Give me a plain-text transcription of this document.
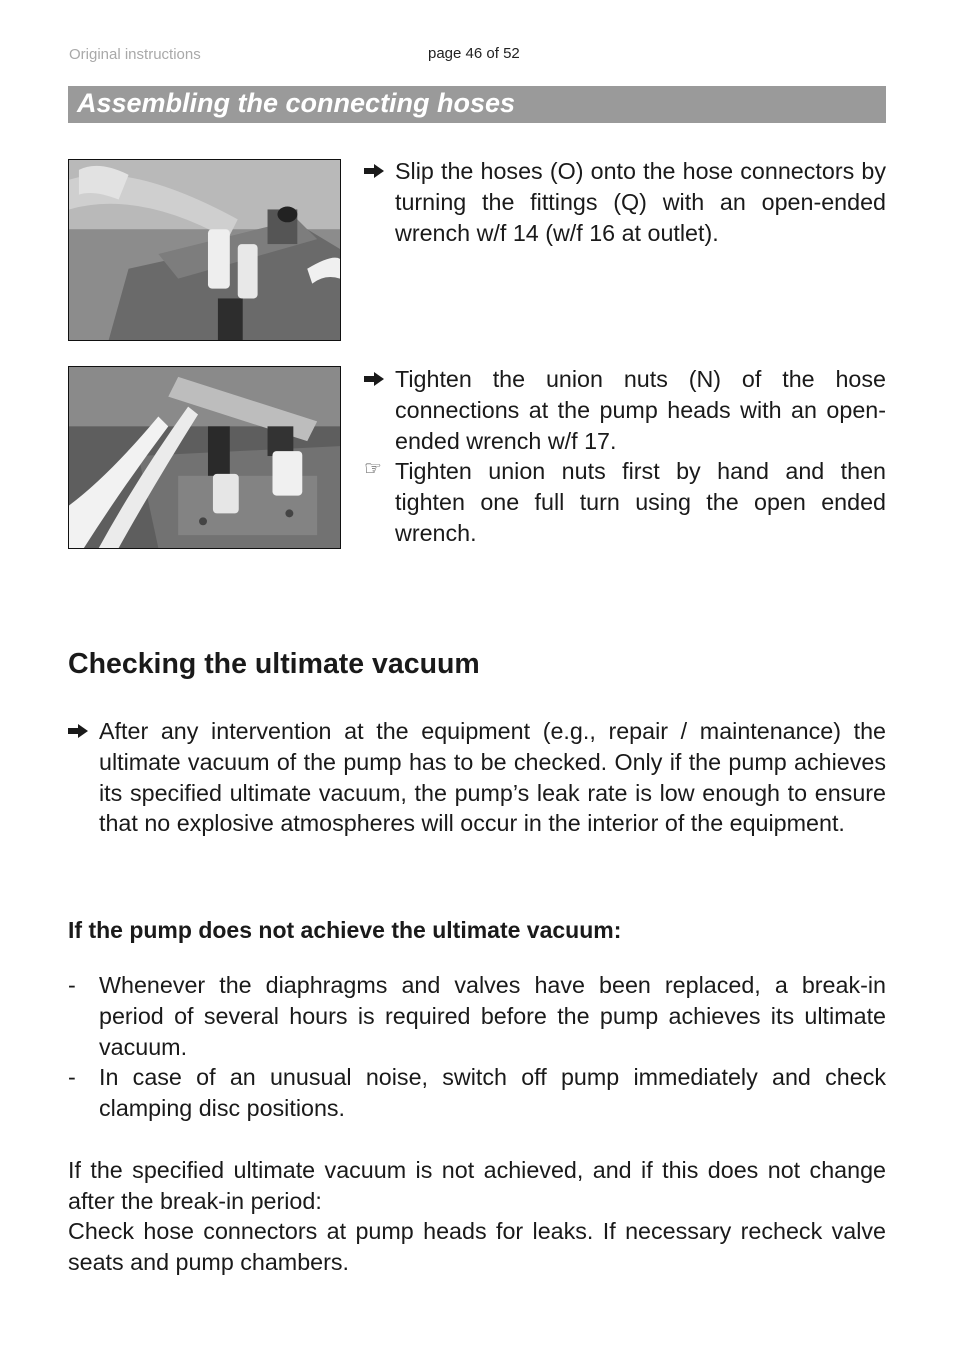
Original instructions	page 46 of 52
Assembling the connecting hoses
Slip the hoses (O) onto the hose connectors by turning the fittings (Q) with an open-ended wrench w/f 14 (w/f 16 at outlet).
Tighten the union nuts (N) of the hose connections at the pump heads with an open-ended wrench w/f 17.
☞ Tighten union nuts first by hand and then tighten one full turn using the open ended wrench.
Checking the ultimate vacuum
After any intervention at the equipment (e.g., repair / maintenance) the ultimate vacuum of the pump has to be checked. Only if the pump achieves its specified ultimate vacuum, the pump’s leak rate is low enough to ensure that no explosive atmospheres will occur in the interior of the equipment.
If the pump does not achieve the ultimate vacuum:
- Whenever the diaphragms and valves have been replaced, a break-in period of several hours is required before the pump achieves its ultimate vacuum.
- In case of an unusual noise, switch off pump immediately and check clamping disc positions.
If the specified ultimate vacuum is not achieved, and if this does not change after the break-in period:
Check hose connectors at pump heads for leaks. If necessary recheck valve seats and pump chambers.
